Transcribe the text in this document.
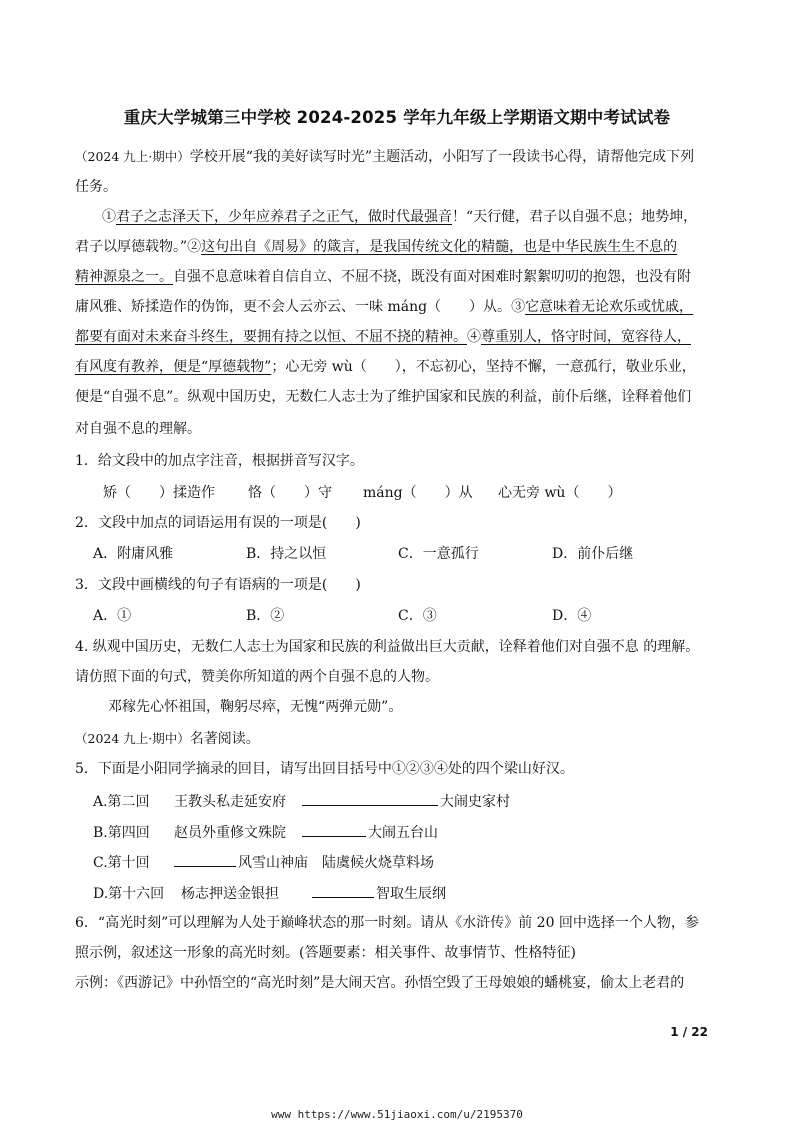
重庆大学城第三中学校 2024-2025 学年九年级上学期语文期中考试试卷
（2024 九上·期中）学校开展“我的美好读写时光”主题活动，小阳写了一段读书心得，请帮他完成下列
任务。
①君子之志泽天下，少年应养君子之正气，做时代最强音！“天行健，君子以自强不息；地势坤，
君子以厚德载物。”②这句出自《周易》的箴言，是我国传统文化的精髓，也是中华民族生生不息的
精神源泉之一。自强不息意味着自信自立、不屈不挠，既没有面对困难时絮絮叨叨的抱怨，也没有附
庸风雅、矫揉造作的伪饰，更不会人云亦云、一味 máng（　　）从。③它意味着无论欢乐或忧戚，
都要有面对未来奋斗终生，要拥有持之以恒、不屈不挠的精神。④尊重别人，恪守时间，宽容待人，
有风度有教养，便是“厚德载物”；心无旁 wù（　　），不忘初心，坚持不懈，一意孤行，敬业乐业，
便是“自强不息”。纵观中国历史，无数仁人志士为了维护国家和民族的利益，前仆后继，诠释着他们
对自强不息的理解。
1．给文段中的加点字注音，根据拼音写汉字。
矫（　　）揉造作 恪（　　）守 máng（　　）从 心无旁 wù（　　）
2．文段中加点的词语运用有误的一项是(　　)
A．附庸风雅	B．持之以恒	C．一意孤行	D．前仆后继
3．文段中画横线的句子有语病的一项是(　　)
A．①	B．②	C．③	D．④
4. 纵观中国历史，无数仁人志士为国家和民族的利益做出巨大贡献，诠释着他们对自强不息 的理解。
请仿照下面的句式，赞美你所知道的两个自强不息的人物。
邓稼先心怀祖国，鞠躬尽瘁，无愧“两弹元勋”。
（2024 九上·期中）名著阅读。
5．下面是小阳同学摘录的回目，请写出回目括号中①②③④处的四个梁山好汉。
A.第二回 王教头私走延安府	大闹史家村
B.第四回 赵员外重修文殊院	大闹五台山
C.第十回	风雪山神庙　陆虞候火烧草料场
D.第十六回 杨志押送金银担	智取生辰纲
6．“高光时刻”可以理解为人处于巅峰状态的那一时刻。请从《水浒传》前 20 回中选择一个人物，参
照示例，叙述这一形象的高光时刻。(答题要素：相关事件、故事情节、性格特征)
示例：《西游记》中孙悟空的“高光时刻”是大闹天宫。孙悟空毁了王母娘娘的蟠桃宴，偷太上老君的
1 / 22
www https://www.51jiaoxi.com/u/2195370
